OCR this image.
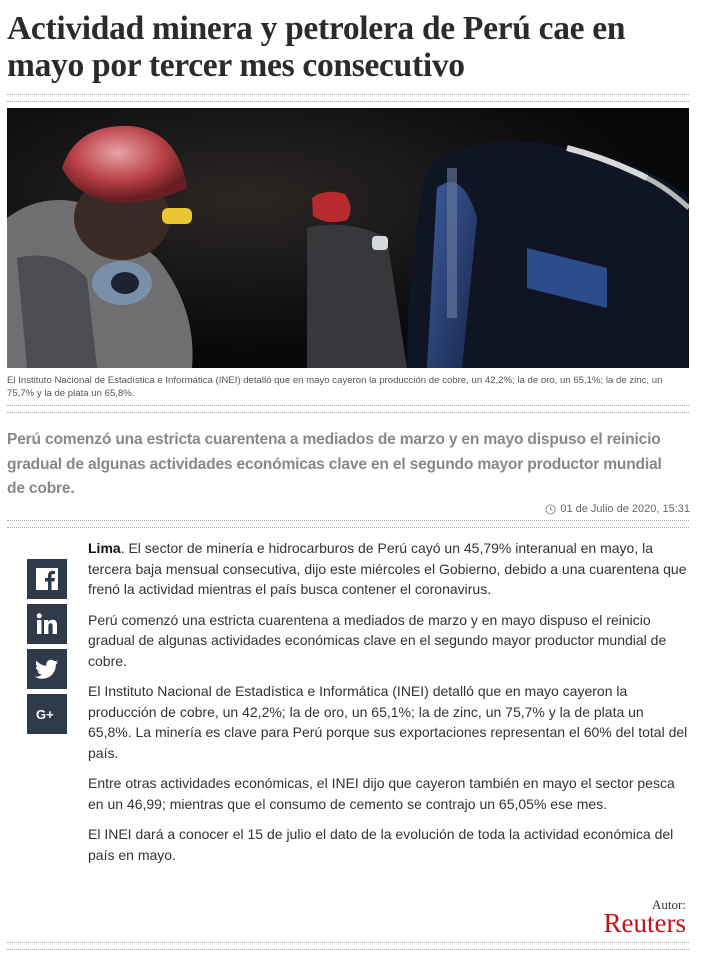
Actividad minera y petrolera de Perú cae en mayo por tercer mes consecutivo

El Instituto Nacional de Estadística e Informática (INEI) detalló que en mayo cayeron la producción de cobre, un 42,2%; la de oro, un 65,1%; la de zinc, un 75,7% y la de plata un 65,8%.

Perú comenzó una estricta cuarentena a mediados de marzo y en mayo dispuso el reinicio gradual de algunas actividades económicas clave en el segundo mayor productor mundial de cobre.

01 de Julio de 2020, 15:31
G+

Lima. El sector de minería e hidrocarburos de Perú cayó un 45,79% interanual en mayo, la tercera baja mensual consecutiva, dijo este miércoles el Gobierno, debido a una cuarentena que frenó la actividad mientras el país busca contener el coronavirus.

Perú comenzó una estricta cuarentena a mediados de marzo y en mayo dispuso el reinicio gradual de algunas actividades económicas clave en el segundo mayor productor mundial de cobre.

El Instituto Nacional de Estadística e Informática (INEI) detalló que en mayo cayeron la producción de cobre, un 42,2%; la de oro, un 65,1%; la de zinc, un 75,7% y la de plata un 65,8%. La minería es clave para Perú porque sus exportaciones representan el 60% del total del país.

Entre otras actividades económicas, el INEI dijo que cayeron también en mayo el sector pesca en un 46,99; mientras que el consumo de cemento se contrajo un 65,05% ese mes.

El INEI dará a conocer el 15 de julio el dato de la evolución de toda la actividad económica del país en mayo.

Autor:
Reuters
